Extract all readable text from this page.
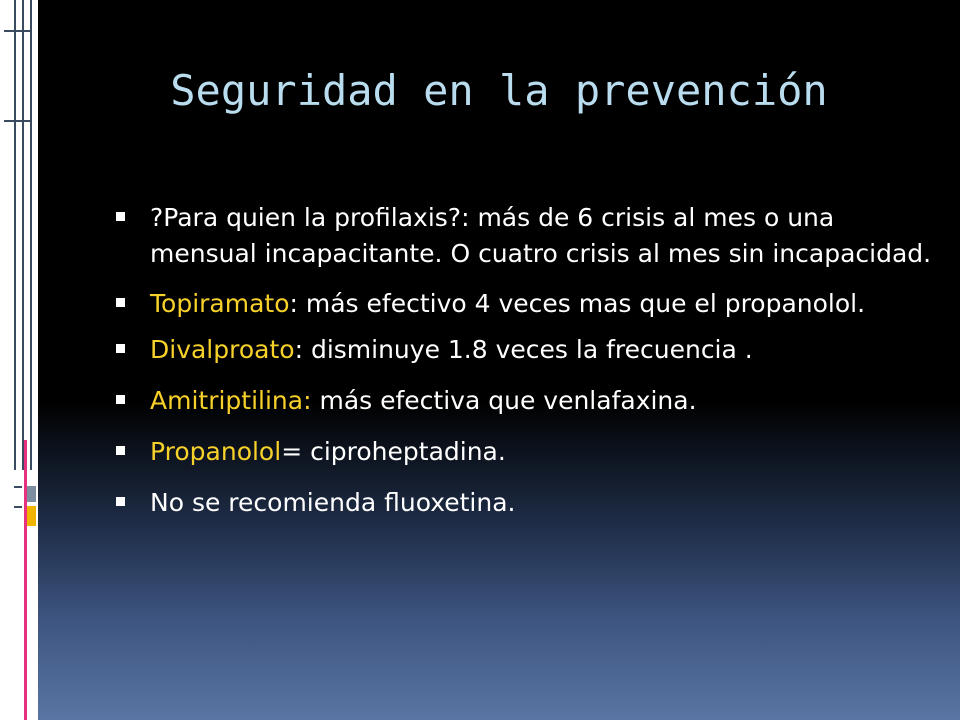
Seguridad en la prevención
?Para quien la profilaxis?: más de 6 crisis al mes o una mensual incapacitante. O cuatro crisis al mes sin incapacidad.
Topiramato: más efectivo 4 veces mas que el propanolol.
Divalproato: disminuye 1.8 veces la frecuencia .
Amitriptilina: más efectiva que venlafaxina.
Propanolol= ciproheptadina.
No se recomienda fluoxetina.
